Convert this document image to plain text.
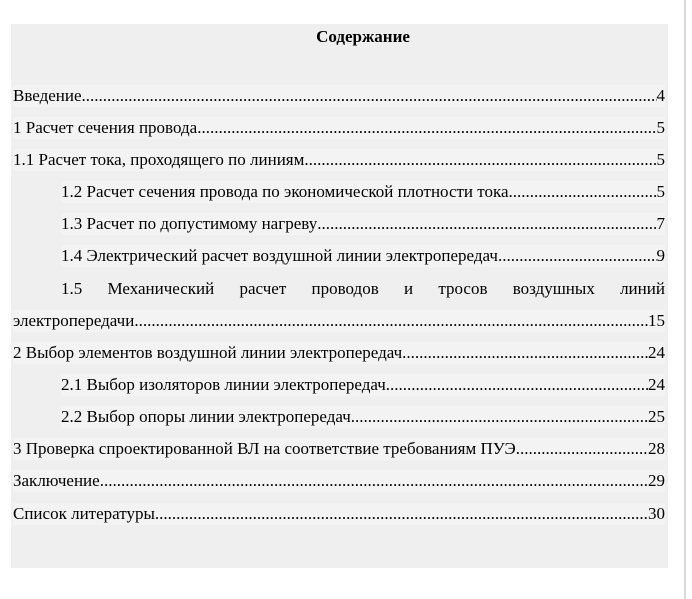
Содержание
Введение .....	4
1 Расчет сечения провода .....	5
1.1 Расчет тока, проходящего по линиям .....	5
1.2 Расчет сечения провода по экономической плотности тока .....	5
1.3 Расчет по допустимому нагреву .....	7
1.4 Электрический расчет воздушной линии электропередач .....	9
1.5 Механический расчет проводов и тросов воздушных линий
электропередачи .....	15
2 Выбор элементов воздушной линии электропередач .....	24
2.1 Выбор изоляторов линии электропередач .....	24
2.2 Выбор опоры линии электропередач .....	25
3 Проверка спроектированной ВЛ на соответствие требованиям ПУЭ .....	28
Заключение .....	29
Список литературы .....	30
